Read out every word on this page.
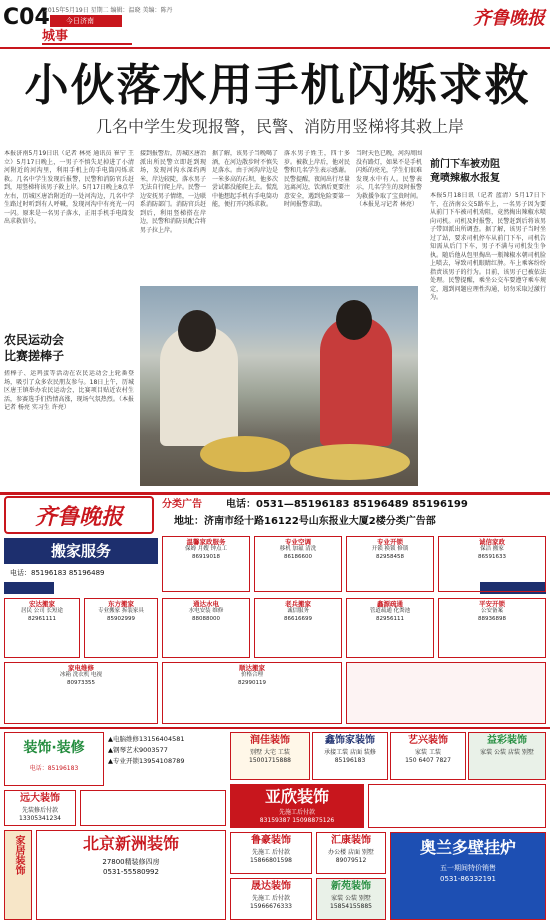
C04
2015年5月19日 星期二 编辑：温晓 美编：陈丹
今日济南
城事
齐鲁晚报
小伙落水用手机闪烁求救
几名中学生发现报警，民警、消防用竖梯将其救上岸
本报济南5月19日讯（记者 林亮 通讯员 崔宁 王立）5月17日晚上，一男子不慎失足掉进了小清河附近的河沟里，利用手机上的手电筒闪烁求救。几名中学生发现后报警，民警和消防官兵赶到，用竖梯将该男子救上岸。5月17日晚上8点半左右，历城区唐冶附近的一处河沟边，几名中学生路过时听到有人呼喊，发现河沟中有亮光一闪一闪。原来是一名男子落水，正用手机手电筒发出求救信号。
接到报警后，历城区唐冶派出所民警立即赶到现场，发现河沟水深约两米，岸边较陡，落水男子无法自行爬上岸。民警一边安抚男子情绪，一边联系消防部门。消防官兵赶到后，利用竖梯搭在岸边，民警和消防员配合将男子拉上岸。
据了解，该男子当晚喝了酒，在河边散步时不慎失足落水。由于河沟岸边是一米多高的石坝，他多次尝试都没能爬上去。慌乱中他想起手机有手电筒功能，便打开闪烁求救。
落水男子姓王，四十多岁。被救上岸后，他对民警和几名学生表示感谢。民警提醒，夜间出行尽量远离河边，饮酒后更要注意安全，遇到危险要第一时间报警求助。
当时天色已晚，河沟周围没有路灯，如果不是手机闪烁的亮光，学生们很难发现水中有人。民警表示，几名学生的及时报警为救援争取了宝贵时间。（本报见习记者 林亮）
农民运动会
比赛搓棒子
搓棒子、运鸡蛋等活动在农民运动会上轮番登场，吸引了众多农民朋友参与。18日上午，历城区唐王镇举办农民运动会，比赛项目贴近农村生活，参赛选手们热情高涨，现场气氛热烈。（本报记者 杨亮 实习生 许亮）
前门下车被劝阻
竟喷辣椒水报复
本报5月18日讯（记者 蓝清）5月17日下午，在济南公交5路车上，一名男子因为要从前门下车被司机劝阻，竟然掏出辣椒水喷向司机。司机及时报警，民警赶到后将该男子带回派出所调查。据了解，该男子当时坐过了站，要求司机停车从前门下车，司机告知需从后门下车，男子不满与司机发生争执。随后他从包里掏出一瓶辣椒水朝司机脸上喷去，导致司机眼睛红肿。车上乘客纷纷指责该男子的行为。目前，该男子已被依法处理。民警提醒，乘坐公交车要遵守乘车规定，遇到问题应理性沟通，切勿采取过激行为。
齐鲁晚报	分类广告	电话：0531—85196183 85196489 85196199
地址：济南市经十路16122号山东报业大厦2楼分类广告部
搬家服务
电话：85196183 85196489
温馨家政服务
保姆 月嫂 钟点工
86919018
专业空调
移机 加氟 清洗
86186600
专业开锁
开锁 换锁 修锁
82958458
诚信家政
保洁 搬家
86591633
宏达搬家
居民 公司 长短途
82961111
东方搬家
专业搬家 拆装家具
85902999
通达水电
水电安装 维修
88088000
老兵搬家
诚信服务
86616699
鑫源疏通
管道疏通 化粪池
82956111
平安开锁
公安备案
88936898
家电维修
冰箱 洗衣机 电视
80973355
顺达搬家
价格合理
82990119
装饰·装修
电话：85196183
▲电脑维修13156404581
▲钢琴艺术9003577
▲专业开锁13954108789
润佳装饰
别墅 大宅 工装
15001715888
鑫饰家装饰
承接工装 店面 装修
85196183
艺兴装饰
家装 工装
150 6407 7827
益彩装饰
家装 公装 店装 别墅
远大装饰
先装修后付款
13305341234
亚欣装饰
先施工后付款
83159387 15098875126
家居装饰	北京新洲装饰
27800精装修四房
0531-55580992
鲁豪装饰
先施工 后付款
15866801598
汇康装饰
办公楼 店面 别墅
89079512
奥兰多壁挂炉
五一期间特价销售
0531-86332191
晟达装饰
先施工 后付款
15966676333
新苑装饰
家装 公装 别墅
15854155885
